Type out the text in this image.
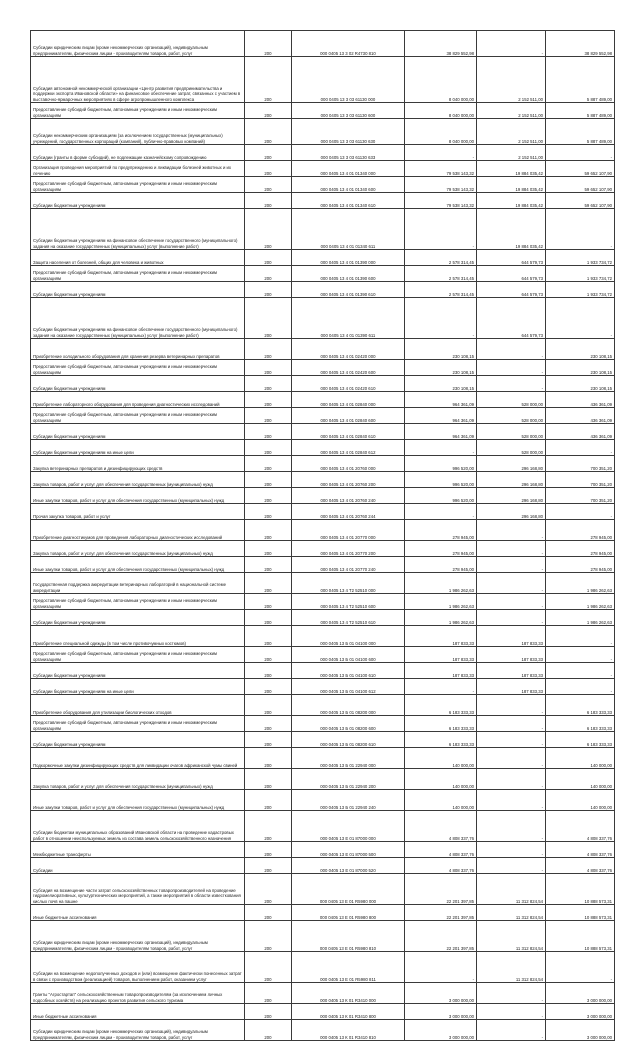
Субсидии юридическим лицам (кроме некоммерческих организаций), индивидуальным предпринимателям, физическим лицам - производителям товаров, работ, услуг	200	000 0405 13 3 02 R4730 810	38 829 552,98	-	38 829 552,98
Субсидия автономной некоммерческой организации «Центр развития предпринимательства и поддержки экспорта Ивановской области» на финансовое обеспечение затрат, связанных с участием в выставочно-ярмарочных мероприятиях в сфере агропромышленного комплекса	200	000 0405 13 3 03 61130 000	8 040 000,00	2 152 511,00	5 887 489,00
Предоставление субсидий бюджетным, автономным учреждениям и иным некоммерческим организациям	200	000 0405 13 3 03 61130 600	8 040 000,00	2 152 511,00	5 887 489,00
Субсидии некоммерческим организациям (за исключением государственных (муниципальных) учреждений, государственных корпораций (компаний), публично-правовых компаний)	200	000 0405 13 3 03 61130 630	8 040 000,00	2 152 511,00	5 887 489,00
Субсидии (гранты в форме субсидий), не подлежащие казначейскому сопровождению	200	000 0405 13 3 03 61130 633	-	2 152 511,00	-
Организация проведения мероприятий по предупреждению и ликвидации болезней животных и их лечению	200	000 0405 13 4 01 01340 000	79 538 143,32	19 884 035,42	59 652 107,90
Предоставление субсидий бюджетным, автономным учреждениям и иным некоммерческим организациям	200	000 0405 13 4 01 01340 600	79 538 143,32	19 884 035,42	59 652 107,90
Субсидии бюджетным учреждениям	200	000 0405 13 4 01 01340 610	79 538 143,32	19 884 035,42	59 652 107,90
Субсидии бюджетным учреждениям на финансовое обеспечение государственного (муниципального) задания на оказание государственных (муниципальных) услуг (выполнение работ)	200	000 0405 13 4 01 01340 611	-	19 884 035,42	-
Защита населения от болезней, общих для человека и животных	200	000 0405 13 4 01 01390 000	2 578 314,45	644 579,73	1 933 734,72
Предоставление субсидий бюджетным, автономным учреждениям и иным некоммерческим организациям	200	000 0405 13 4 01 01390 600	2 578 314,45	644 579,73	1 933 734,72
Субсидии бюджетным учреждениям	200	000 0405 13 4 01 01390 610	2 578 314,45	644 579,73	1 933 734,72
Субсидии бюджетным учреждениям на финансовое обеспечение государственного (муниципального) задания на оказание государственных (муниципальных) услуг (выполнение работ)	200	000 0405 13 4 01 01390 611	-	644 579,73	-
Приобретение холодильного оборудования для хранения резерва ветеринарных препаратов	200	000 0405 13 4 01 02420 000	230 108,15	-	230 108,15
Предоставление субсидий бюджетным, автономным учреждениям и иным некоммерческим организациям	200	000 0405 13 4 01 02420 600	230 108,15	-	230 108,15
Субсидии бюджетным учреждениям	200	000 0405 13 4 01 02420 610	230 108,15	-	230 108,15
Приобретение лабораторного оборудования для проведения диагностических исследований	200	000 0405 13 4 01 02840 000	964 361,09	528 000,00	436 361,09
Предоставление субсидий бюджетным, автономным учреждениям и иным некоммерческим организациям	200	000 0405 13 4 01 02840 600	964 361,09	528 000,00	436 361,09
Субсидии бюджетным учреждениям	200	000 0405 13 4 01 02840 610	964 361,09	528 000,00	436 361,09
Субсидии бюджетным учреждениям на иные цели	200	000 0405 13 4 01 02840 612	-	528 000,00	-
Закупка ветеринарных препаратов и дезинфицирующих средств	200	000 0405 13 4 01 20760 000	996 520,00	296 168,80	700 351,20
Закупка товаров, работ и услуг для обеспечения государственных (муниципальных) нужд	200	000 0405 13 4 01 20760 200	996 520,00	296 168,80	700 351,20
Иные закупки товаров, работ и услуг для обеспечения государственных (муниципальных) нужд	200	000 0405 13 4 01 20760 240	996 520,00	296 168,80	700 351,20
Прочая закупка товаров, работ и услуг	200	000 0405 13 4 01 20760 244	-	296 168,80	-
Приобретение диагностикумов для проведения лабораторных диагностических исследований	200	000 0405 13 4 01 20770 000	278 945,00	-	278 945,00
Закупка товаров, работ и услуг для обеспечения государственных (муниципальных) нужд	200	000 0405 13 4 01 20770 200	278 945,00	-	278 945,00
Иные закупки товаров, работ и услуг для обеспечения государственных (муниципальных) нужд	200	000 0405 13 4 01 20770 240	278 945,00	-	278 945,00
Государственная поддержка аккредитации ветеринарных лабораторий в национальной системе аккредитации	200	000 0405 13 4 T2 52510 000	1 986 262,63	-	1 986 262,63
Предоставление субсидий бюджетным, автономным учреждениям и иным некоммерческим организациям	200	000 0405 13 4 T2 52510 600	1 986 262,63	-	1 986 262,63
Субсидии бюджетным учреждениям	200	000 0405 13 4 T2 52510 610	1 986 262,63	-	1 986 262,63
Приобретение специальной одежды (в том числе противочумных костюмов)	200	000 0405 13 Б 01 04100 000	187 833,33	187 833,33	-
Предоставление субсидий бюджетным, автономным учреждениям и иным некоммерческим организациям	200	000 0405 13 Б 01 04100 600	187 833,33	187 833,33	-
Субсидии бюджетным учреждениям	200	000 0405 13 Б 01 04100 610	187 833,33	187 833,33	-
Субсидии бюджетным учреждениям на иные цели	200	000 0405 13 Б 01 04100 612	-	187 833,33	-
Приобретение оборудования для утилизации биологических отходов	200	000 0405 13 Б 01 08200 000	6 183 333,33	-	6 183 333,33
Предоставление субсидий бюджетным, автономным учреждениям и иным некоммерческим организациям	200	000 0405 13 Б 01 08200 600	6 183 333,33	-	6 183 333,33
Субсидии бюджетным учреждениям	200	000 0405 13 Б 01 08200 610	6 183 333,33	-	6 183 333,33
Подкормочные закупки дезинфицирующих средств для ликвидации очагов африканской чумы свиней	200	000 0405 13 Б 01 22940 000	140 000,00	-	140 000,00
Закупка товаров, работ и услуг для обеспечения государственных (муниципальных) нужд	200	000 0405 13 Б 01 22940 200	140 000,00	-	140 000,00
Иные закупки товаров, работ и услуг для обеспечения государственных (муниципальных) нужд	200	000 0405 13 Б 01 22940 240	140 000,00	-	140 000,00
Субсидии бюджетам муниципальных образований Ивановской области на проведение кадастровых работ в отношении неиспользуемых земель из состава земель сельскохозяйственного назначения	200	000 0405 13 Е 01 87000 000	4 808 337,76	-	4 808 337,76
Межбюджетные трансферты	200	000 0405 13 Е 01 87000 500	4 808 337,76	-	4 808 337,76
Субсидии	200	000 0405 13 Е 01 87000 520	4 808 337,76	-	4 808 337,76
Субсидия на возмещение части затрат сельскохозяйственных товаропроизводителей на проведение гидромелиоративных, культуртехнических мероприятий, а также мероприятий в области известкования кислых почв на пашне	200	000 0405 13 Е 01 R5980 000	22 201 397,85	11 312 824,54	10 888 573,31
Иные бюджетные ассигнования	200	000 0405 13 Е 01 R5980 800	22 201 397,85	11 312 824,54	10 888 573,31
Субсидии юридическим лицам (кроме некоммерческих организаций), индивидуальным предпринимателям, физическим лицам - производителям товаров, работ, услуг	200	000 0405 13 Е 01 R5980 810	22 201 397,85	11 312 824,54	10 888 573,31
Субсидии на возмещение недополученных доходов и (или) возмещение фактически понесенных затрат в связи с производством (реализацией) товаров, выполнением работ, оказанием услуг	200	000 0405 13 Е 01 R5980 811	-	11 312 824,54	-
Гранты "Агростартап" сельскохозяйственным товаропроизводителям (за исключением личных подсобных хозяйств) на реализацию проектов развития сельского туризма	200	000 0405 13 К 01 R3410 000	3 000 000,00	-	3 000 000,00
Иные бюджетные ассигнования	200	000 0405 13 К 01 R3410 800	3 000 000,00	-	3 000 000,00
Субсидии юридическим лицам (кроме некоммерческих организаций), индивидуальным предпринимателям, физическим лицам - производителям товаров, работ, услуг	200	000 0405 13 К 01 R3410 810	3 000 000,00	-	3 000 000,00
